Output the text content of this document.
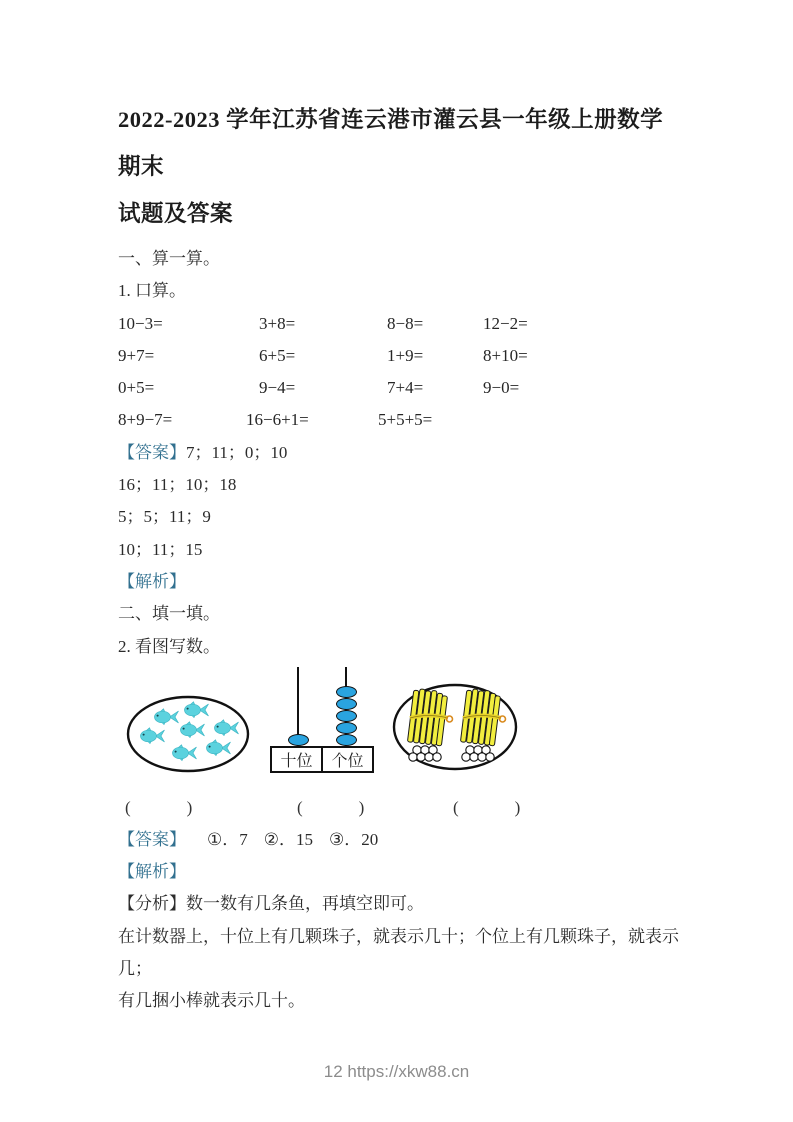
2022-2023 学年江苏省连云港市灌云县一年级上册数学期末
试题及答案

一、算一算。

1. 口算。

10−3=	3+8=	8−8=	12−2=
9+7=	6+5=	1+9=	8+10=
0+5=	9−4=	7+4=	9−0=
8+9−7=	16−6+1=	5+5+5=

【答案】7；11；0；10

16；11；10；18

5；5；11；9

10；11；15

【解析】

二、填一填。

2. 看图写数。

十位	个位
(	)	(	)	(	)

【答案】 ①．7 ②．15 ③．20

【解析】

【分析】数一数有几条鱼，再填空即可。

在计数器上，十位上有几颗珠子，就表示几十；个位上有几颗珠子，就表示几；

有几捆小棒就表示几十。

12 https://xkw88.cn
